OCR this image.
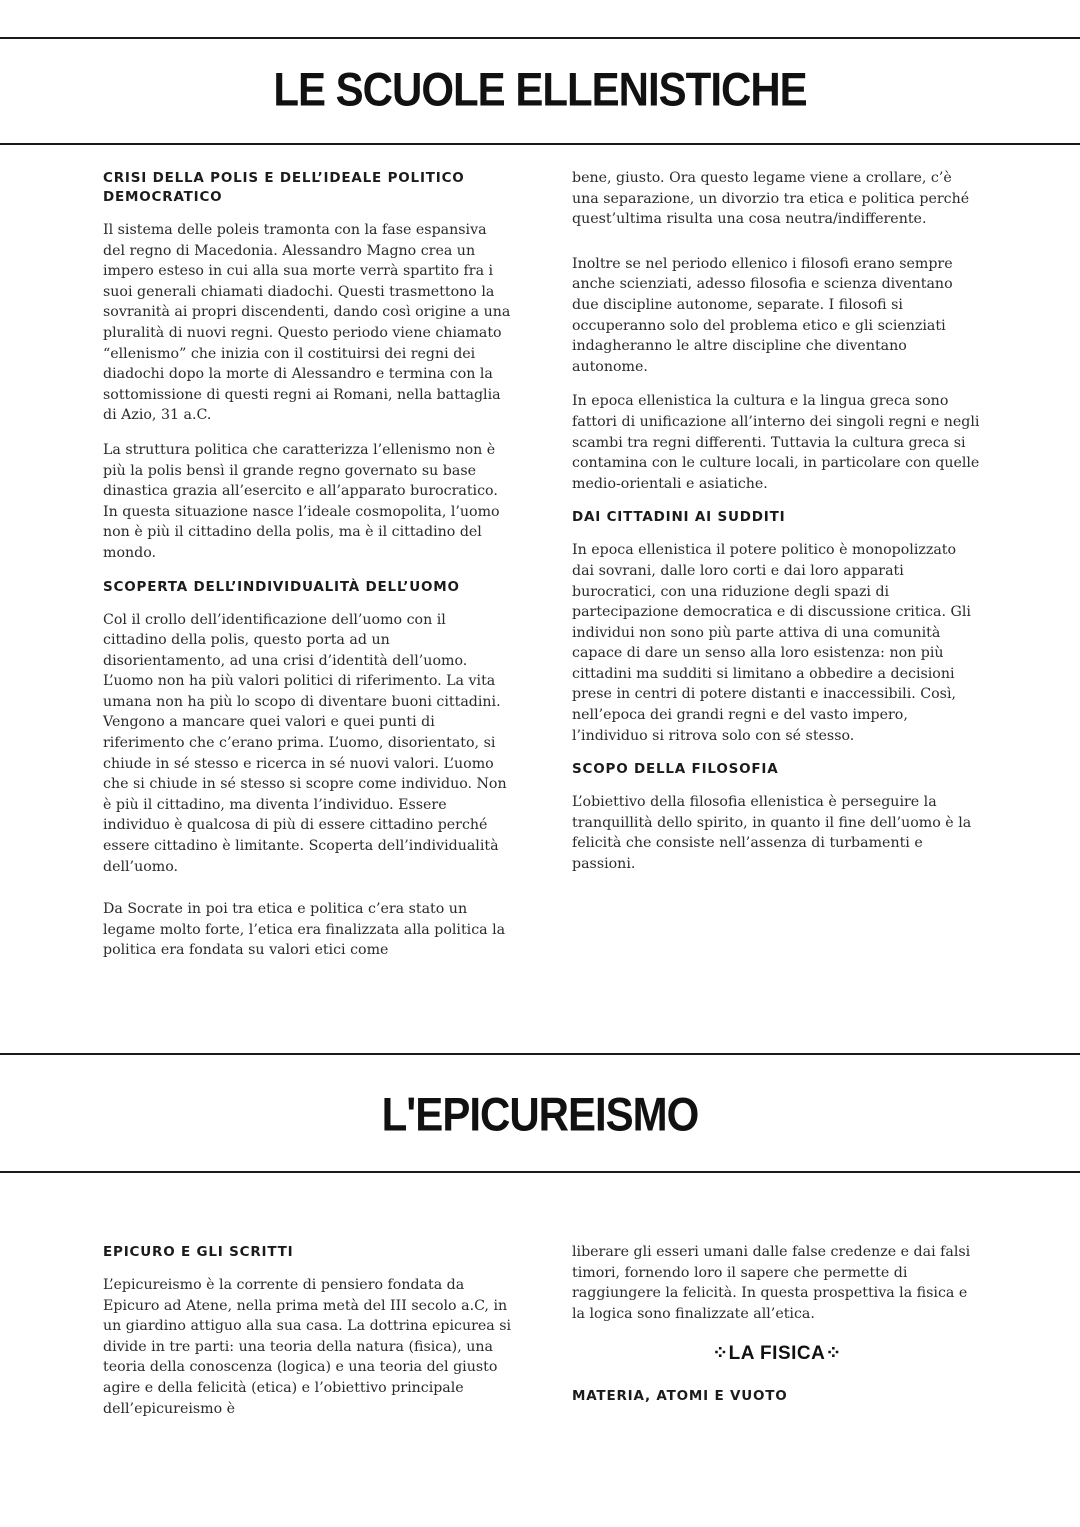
LE SCUOLE ELLENISTICHE
CRISI DELLA POLIS E DELL’IDEALE POLITICO DEMOCRATICO

Il sistema delle poleis tramonta con la fase espansiva del regno di Macedonia. Alessandro Magno crea un impero esteso in cui alla sua morte verrà spartito fra i suoi generali chiamati diadochi. Questi trasmettono la sovranità ai propri discendenti, dando così origine a una pluralità di nuovi regni. Questo periodo viene chiamato “ellenismo” che inizia con il costituirsi dei regni dei diadochi dopo la morte di Alessandro e termina con la sottomissione di questi regni ai Romani, nella battaglia di Azio, 31 a.C.

La struttura politica che caratterizza l’ellenismo non è più la polis bensì il grande regno governato su base dinastica grazia all’esercito e all’apparato burocratico. In questa situazione nasce l’ideale cosmopolita, l’uomo non è più il cittadino della polis, ma è il cittadino del mondo.

SCOPERTA DELL’INDIVIDUALITÀ DELL’UOMO

Col il crollo dell’identificazione dell’uomo con il cittadino della polis, questo porta ad un disorientamento, ad una crisi d’identità dell’uomo. L’uomo non ha più valori politici di riferimento. La vita umana non ha più lo scopo di diventare buoni cittadini. Vengono a mancare quei valori e quei punti di riferimento che c’erano prima. L’uomo, disorientato, si chiude in sé stesso e ricerca in sé nuovi valori. L’uomo che si chiude in sé stesso si scopre come individuo. Non è più il cittadino, ma diventa l’individuo. Essere individuo è qualcosa di più di essere cittadino perché essere cittadino è limitante. Scoperta dell’individualità dell’uomo.

Da Socrate in poi tra etica e politica c’era stato un legame molto forte, l’etica era finalizzata alla politica la politica era fondata su valori etici come

bene, giusto. Ora questo legame viene a crollare, c’è una separazione, un divorzio tra etica e politica perché quest’ultima risulta una cosa neutra/indifferente.

Inoltre se nel periodo ellenico i filosofi erano sempre anche scienziati, adesso filosofia e scienza diventano due discipline autonome, separate. I filosofi si occuperanno solo del problema etico e gli scienziati indagheranno le altre discipline che diventano autonome.

In epoca ellenistica la cultura e la lingua greca sono fattori di unificazione all’interno dei singoli regni e negli scambi tra regni differenti. Tuttavia la cultura greca si contamina con le culture locali, in particolare con quelle medio-orientali e asiatiche.

DAI CITTADINI AI SUDDITI

In epoca ellenistica il potere politico è monopolizzato dai sovrani, dalle loro corti e dai loro apparati burocratici, con una riduzione degli spazi di partecipazione democratica e di discussione critica. Gli individui non sono più parte attiva di una comunità capace di dare un senso alla loro esistenza: non più cittadini ma sudditi si limitano a obbedire a decisioni prese in centri di potere distanti e inaccessibili. Così, nell’epoca dei grandi regni e del vasto impero, l’individuo si ritrova solo con sé stesso.

SCOPO DELLA FILOSOFIA

L’obiettivo della filosofia ellenistica è perseguire la tranquillità dello spirito, in quanto il fine dell’uomo è la felicità che consiste nell’assenza di turbamenti e passioni.

L'EPICUREISMO
EPICURO E GLI SCRITTI

L’epicureismo è la corrente di pensiero fondata da Epicuro ad Atene, nella prima metà del III secolo a.C, in un giardino attiguo alla sua casa. La dottrina epicurea si divide in tre parti: una teoria della natura (fisica), una teoria della conoscenza (logica) e una teoria del giusto agire e della felicità (etica) e l’obiettivo principale dell’epicureismo è

liberare gli esseri umani dalle false credenze e dai falsi timori, fornendo loro il sapere che permette di raggiungere la felicità. In questa prospettiva la fisica e la logica sono finalizzate all’etica.

⁘LA FISICA⁘
MATERIA, ATOMI E VUOTO
